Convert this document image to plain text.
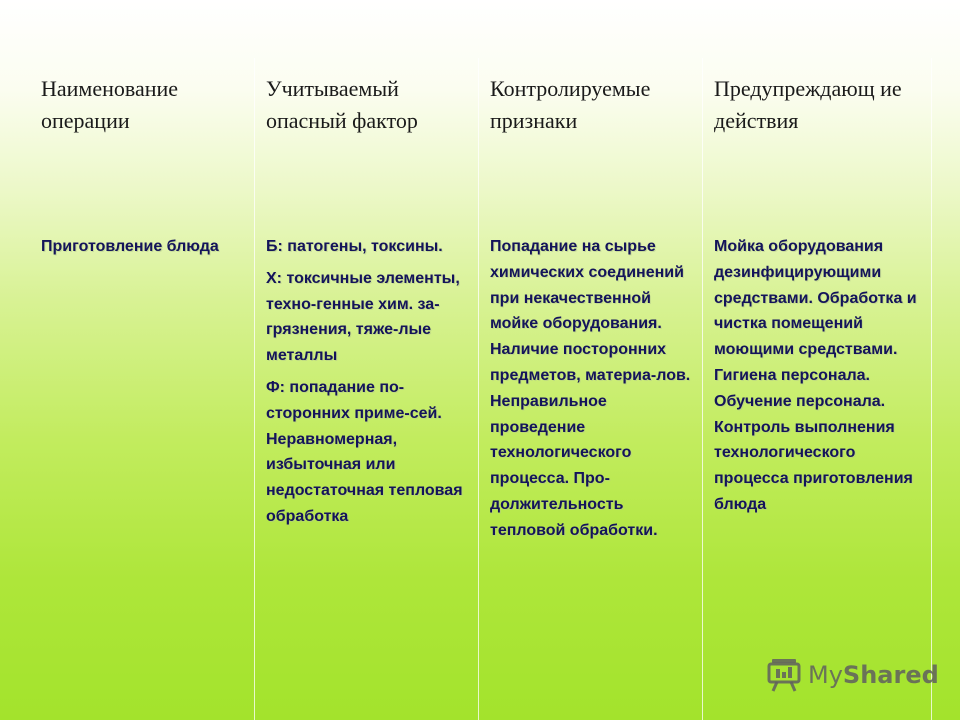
Наименование операции

Приготовление блюда

Учитываемый опасный фактор

Б: патогены, токсины.

Х: токсичные элементы, техно-генные хим. за-грязнения, тяже-лые металлы

Ф: попадание по-сторонних приме-сей. Неравномерная, избыточная или недостаточная тепловая обработка

Контролируемые признаки

Попадание на сырье химических соединений при некачественной мойке оборудования. Наличие посторонних предметов, материа-лов. Неправильное проведение технологического процесса. Про-должительность тепловой обработки.

Предупреждающ ие действия

Мойка оборудования дезинфицирующими средствами. Обработка и чистка помещений моющими средствами. Гигиена персонала. Обучение персонала. Контроль выполнения технологического процесса приготовления блюда

My Shared
